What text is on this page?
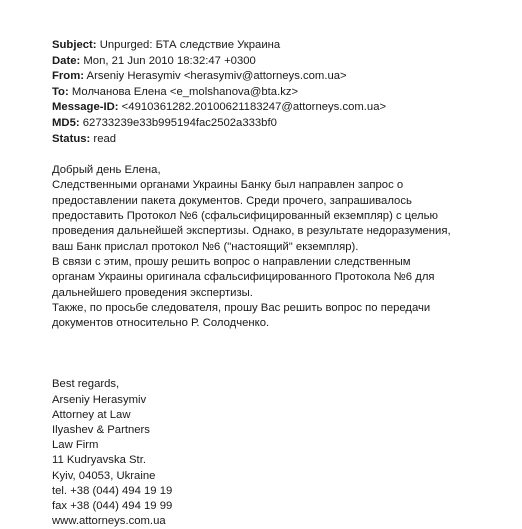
Subject: Unpurged: БТА следствие Украина
Date: Mon, 21 Jun 2010 18:32:47 +0300
From: Arseniy Herasymiv <herasymiv@attorneys.com.ua>
To: Молчанова Елена <e_molshanova@bta.kz>
Message-ID: <4910361282.20100621183247@attorneys.com.ua>
MD5: 62733239e33b995194fac2502a333bf0
Status: read
Добрый день Елена,
Следственными органами Украины Банку был направлен запрос о
предоставлении пакета документов. Среди прочего, запрашивалось
предоставить Протокол №6 (сфальсифицированный екземпляр) с целью
проведения дальнейшей экспертизы. Однако, в результате недоразумения,
ваш Банк прислал протокол №6 ("настоящий" екземпляр).
В связи с этим, прошу решить вопрос о направлении следственным
органам Украины оригинала сфальсифицированного Протокола №6 для
дальнейшего проведения экспертизы.
Также, по просьбе следователя, прошу Вас решить вопрос по передачи
документов относительно Р. Солодченко.
Best regards,
Arseniy Herasymiv
Attorney at Law
Ilyashev & Partners
Law Firm
11 Kudryavska Str.
Kyiv, 04053, Ukraine
tel. +38 (044) 494 19 19
fax +38 (044) 494 19 99
www.attorneys.com.ua
